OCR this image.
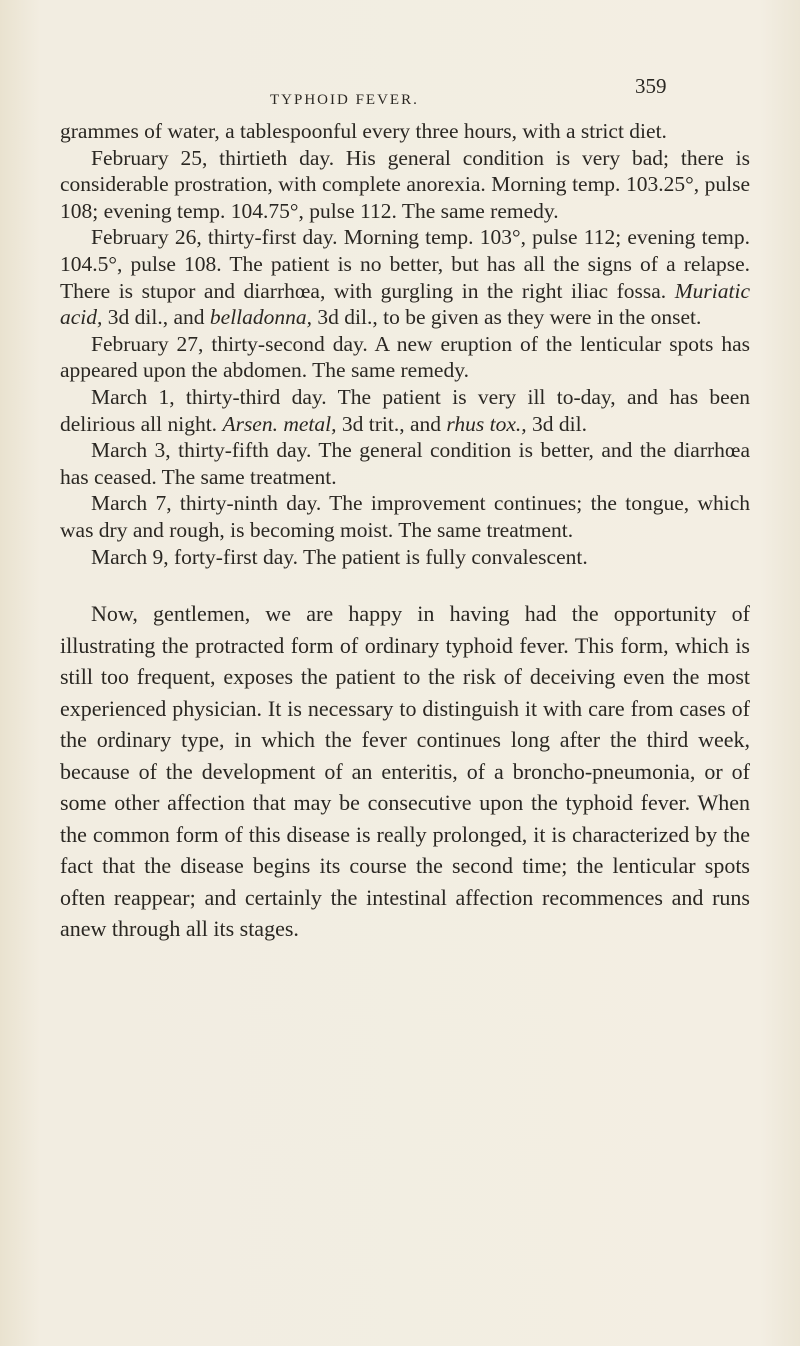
TYPHOID FEVER.
359

grammes of water, a tablespoonful every three hours, with a strict diet.

February 25, thirtieth day. His general condition is very bad; there is considerable prostration, with complete anorexia. Morning temp. 103.25°, pulse 108; evening temp. 104.75°, pulse 112. The same remedy.

February 26, thirty-first day. Morning temp. 103°, pulse 112; evening temp. 104.5°, pulse 108. The patient is no better, but has all the signs of a relapse. There is stupor and diarrhœa, with gurgling in the right iliac fossa. Muriatic acid, 3d dil., and belladonna, 3d dil., to be given as they were in the onset.

February 27, thirty-second day. A new eruption of the lenticular spots has appeared upon the abdomen. The same remedy.

March 1, thirty-third day. The patient is very ill to-day, and has been delirious all night. Arsen. metal, 3d trit., and rhus tox., 3d dil.

March 3, thirty-fifth day. The general condition is better, and the diarrhœa has ceased. The same treatment.

March 7, thirty-ninth day. The improvement continues; the tongue, which was dry and rough, is becoming moist. The same treatment.

March 9, forty-first day. The patient is fully convalescent.

Now, gentlemen, we are happy in having had the opportunity of illustrating the protracted form of ordinary typhoid fever. This form, which is still too frequent, exposes the patient to the risk of deceiving even the most experienced physician. It is necessary to distinguish it with care from cases of the ordinary type, in which the fever continues long after the third week, because of the development of an enteritis, of a broncho-pneumonia, or of some other affection that may be consecutive upon the typhoid fever. When the common form of this disease is really prolonged, it is characterized by the fact that the disease begins its course the second time; the lenticular spots often reappear; and certainly the intestinal affection recommences and runs anew through all its stages.
